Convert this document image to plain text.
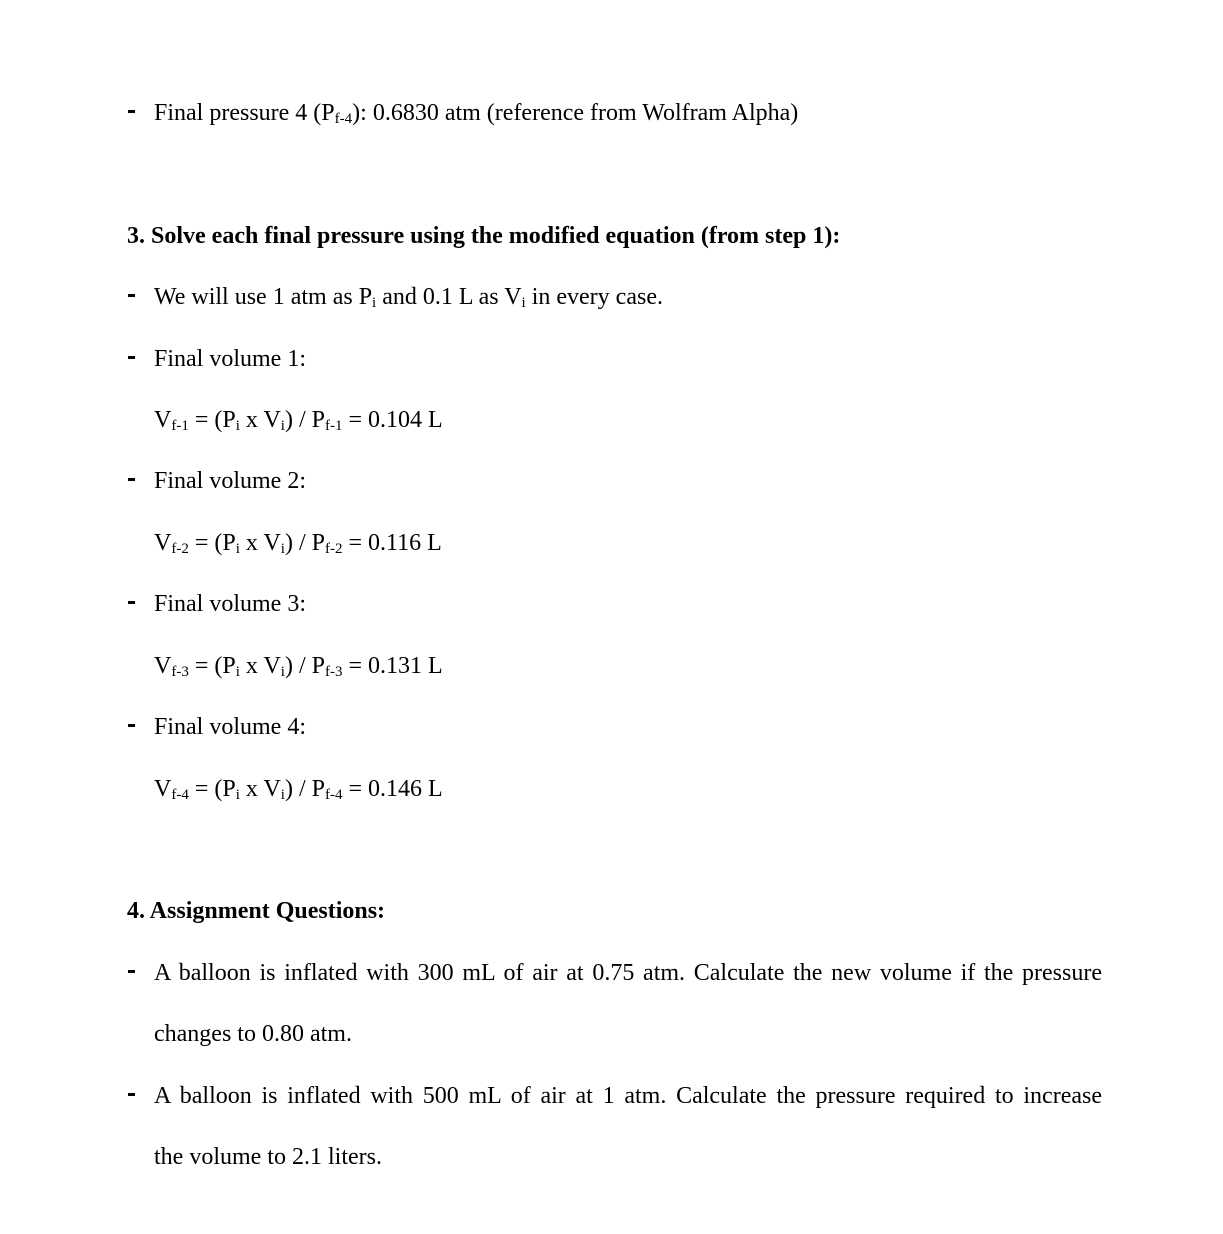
Final pressure 4 $(P_{f-4})$: 0.6830 atm (reference from Wolfram Alpha)
3. Solve each final pressure using the modified equation (from step 1):
We will use 1 atm as $P_i$ and 0.1 L as $V_i$ in every case.
Final volume 1:
$V_{f-1} = (P_i$ x $V_i) / P_{f-1} = 0.104$ L
Final volume 2:
$V_{f-2} = (P_i$ x $V_i) / P_{f-2} = 0.116$ L
Final volume 3:
$V_{f-3} = (P_i$ x $V_i) / P_{f-3} = 0.131$ L
Final volume 4:
$V_{f-4} = (P_i$ x $V_i) / P_{f-4} = 0.146$ L
4. Assignment Questions:
A balloon is inflated with 300 mL of air at 0.75 atm. Calculate the new volume if the pressure
changes to 0.80 atm.
A balloon is inflated with 500 mL of air at 1 atm. Calculate the pressure required to increase
the volume to 2.1 liters.
